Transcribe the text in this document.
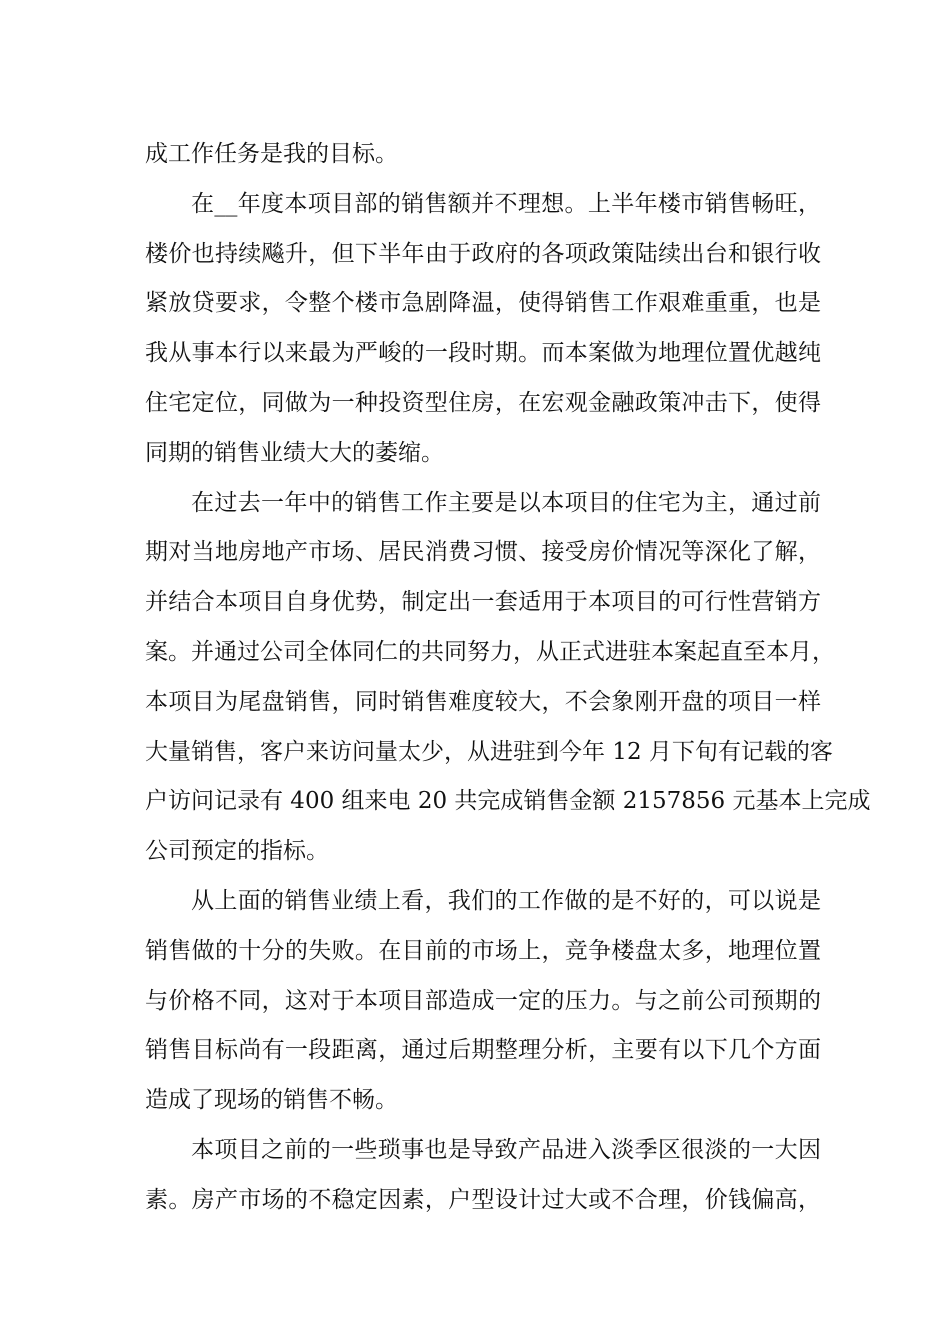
成工作任务是我的目标。
在__年度本项目部的销售额并不理想。上半年楼市销售畅旺，
楼价也持续飚升，但下半年由于政府的各项政策陆续出台和银行收
紧放贷要求，令整个楼市急剧降温，使得销售工作艰难重重，也是
我从事本行以来最为严峻的一段时期。而本案做为地理位置优越纯
住宅定位，同做为一种投资型住房，在宏观金融政策冲击下，使得
同期的销售业绩大大的萎缩。
在过去一年中的销售工作主要是以本项目的住宅为主，通过前
期对当地房地产市场、居民消费习惯、接受房价情况等深化了解，
并结合本项目自身优势，制定出一套适用于本项目的可行性营销方
案。并通过公司全体同仁的共同努力，从正式进驻本案起直至本月，
本项目为尾盘销售，同时销售难度较大，不会象刚开盘的项目一样
大量销售，客户来访问量太少，从进驻到今年 12 月下旬有记载的客
户访问记录有 400 组来电 20 共完成销售金额 2157856 元基本上完成
公司预定的指标。
从上面的销售业绩上看，我们的工作做的是不好的，可以说是
销售做的十分的失败。在目前的市场上，竞争楼盘太多，地理位置
与价格不同，这对于本项目部造成一定的压力。与之前公司预期的
销售目标尚有一段距离，通过后期整理分析，主要有以下几个方面
造成了现场的销售不畅。
本项目之前的一些琐事也是导致产品进入淡季区很淡的一大因
素。房产市场的不稳定因素，户型设计过大或不合理，价钱偏高，
